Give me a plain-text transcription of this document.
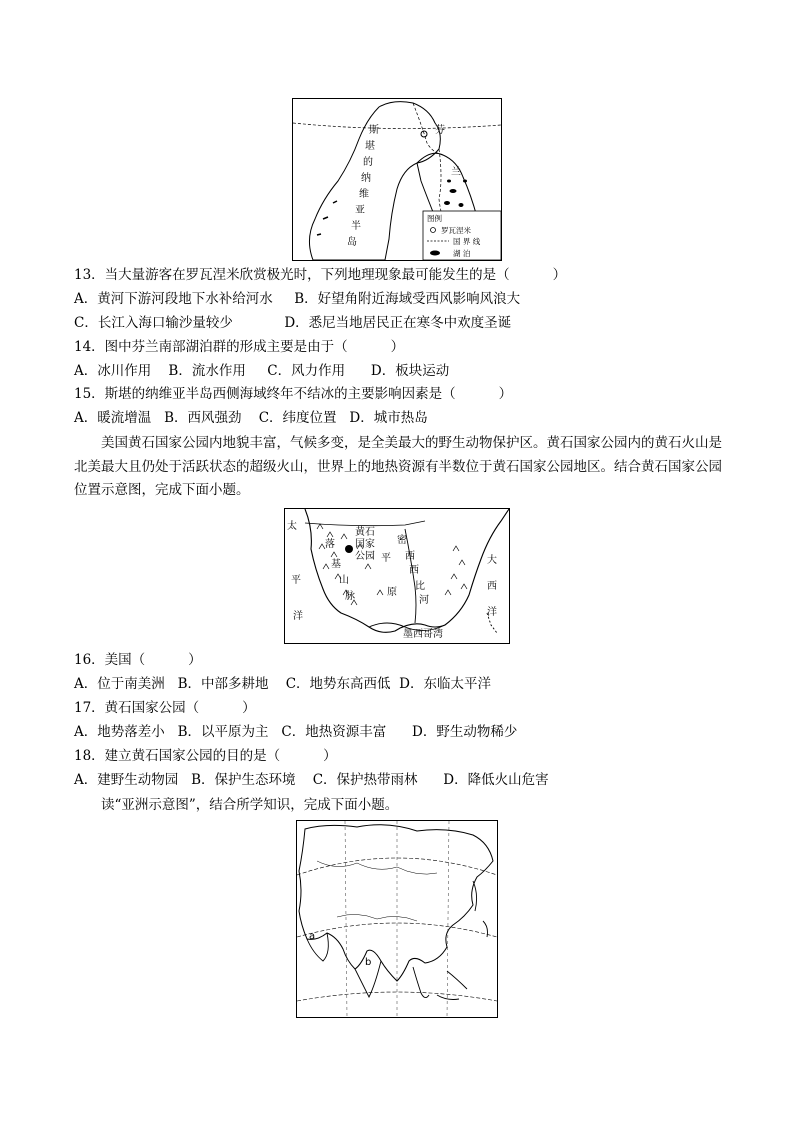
斯
堪
的
纳
维
亚
半
岛
芬
兰
图例
罗瓦涅米
国 界 线
湖 泊
13．当大量游客在罗瓦涅米欣赏极光时，下列地理现象最可能发生的是（          ）
A．黄河下游河段地下水补给河水     B．好望角附近海域受西风影响风浪大
C．长江入海口输沙量较少            D．悉尼当地居民正在寒冬中欢度圣诞
14．图中芬兰南部湖泊群的形成主要是由于（          ）
A．冰川作用    B．流水作用     C．风力作用      D．板块运动
15．斯堪的纳维亚半岛西侧海域终年不结冰的主要影响因素是（          ）
A．暖流增温   B．西风强劲    C．纬度位置   D．城市热岛
美国黄石国家公园内地貌丰富，气候多变，是全美最大的野生动物保护区。黄石国家公园内的黄石火山是北美最大且仍处于活跃状态的超级火山，世界上的地热资源有半数位于黄石国家公园地区。结合黄石国家公园位置示意图，完成下面小题。
太
平
洋
落
基
山
脉
黄石
国家
公园 平
原
密
西
西
比
河
大
西
洋
墨西哥湾
16．美国（          ）
A．位于南美洲   B．中部多耕地    C．地势东高西低  D．东临太平洋
17．黄石国家公园（          ）
A．地势落差小   B．以平原为主   C．地热资源丰富      D．野生动物稀少
18．建立黄石国家公园的目的是（          ）
A．建野生动物园   B．保护生态环境    C．保护热带雨林      D．降低火山危害
读“亚洲示意图”，结合所学知识，完成下面小题。
a
b
